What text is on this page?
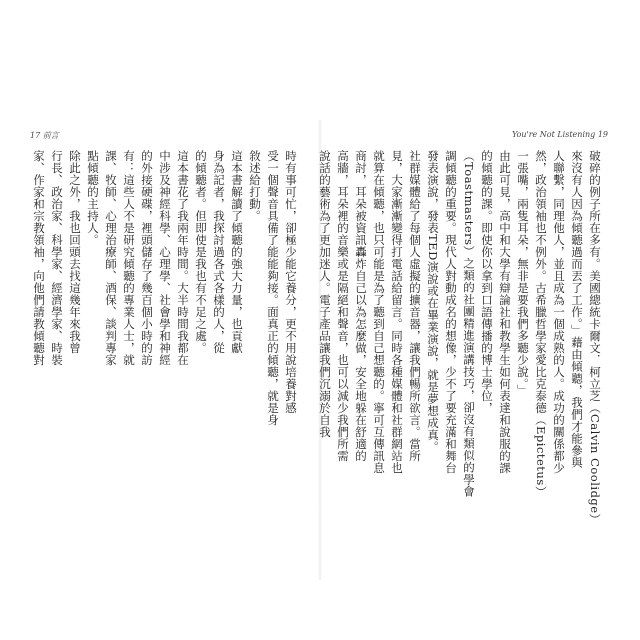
17 前言
時有事可忙，卻極少能它養分，更不用說培養對感
受一個聲音具備了能能夠接。面真正的傾聽，就是身
敘述給打動。
這本書解讀了傾聽的強大力量，也貢獻
身為記者，我探討過各式各樣的人，從
的傾聽者。但即使是我也有不足之處。
這本書花了我兩年時間。大半時間我都在
中涉及神經科學、心理學、社會學和神經
的外接硬碟，裡頭儲存了幾百個小時的訪
有：這些人不是研究傾聽的專業人士，就
課、牧師、心理治療師、酒保、談判專家
點傾聽的主持人。
除此之外，我也回頭去找這幾年來我曾
行長、政治家、科學家、經濟學家、時裝
家、作家和宗教領袖，向他們請教傾聽對
You're Not Listening 19
破碎的例子所在多有。美國總統卡爾文．柯立芝（Calvin Coolidge）
來沒有人因為傾聽過而丟了工作。」藉由傾聽，我們才能參與
人聯繫，同理他人，並且成為一個成熟的人。成功的關係都少
然，政治領袖也不例外。古希臘哲學家愛比克泰德（Epictetus）
一張嘴，兩隻耳朵，無非是要我們多聽少說。」
由此可見，高中和大學有辯論社和教學生如何表達和說服的課
的傾聽的課。即使你以拿到口語傳播的博士學位，
（Toastmasters）之類的社團精進演講技巧，卻沒有類似的學會
調傾聽的重要。現代人對動成名的想像，少不了要充滿和舞台
發表演說，發表TED演說或在畢業演說，就是夢想成真。
社群媒體給了每個人虛擬的擴音器，讓我們暢所欲言。當所
見，大家漸漸變得打電話給留言。同時各種媒體和社群網站也
就算在傾聽，也只可能是為了聽到自己想聽的。寧可互傳訊息
商討，耳朵被資訊轟炸自己以為怎麼做，安全地躲在舒適的
高牆，耳朵裡的音樂或是隔絕和聲音，也可以減少我們所需
說話的藝術為了更加迷人。電子產品讓我們沉溺於自我
